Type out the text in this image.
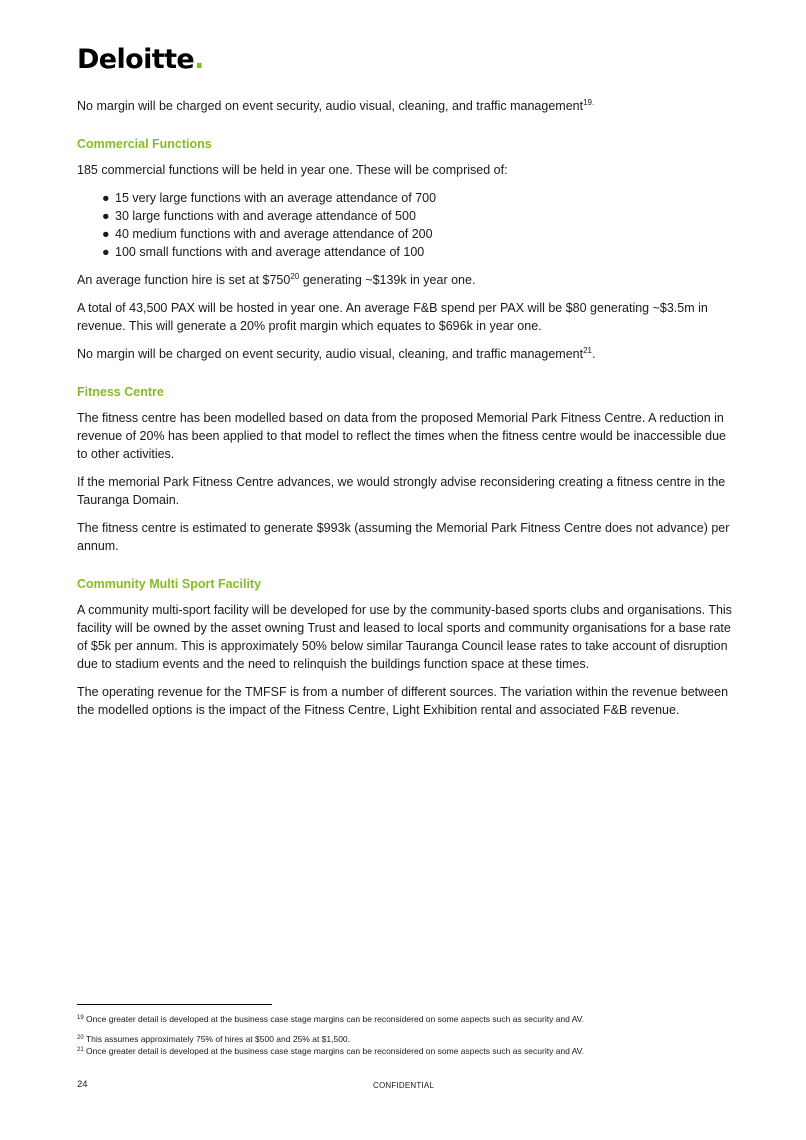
Deloitte.

No margin will be charged on event security, audio visual, cleaning, and traffic management$^{19.}$

Commercial Functions

185 commercial functions will be held in year one. These will be comprised of:

● 15 very large functions with an average attendance of 700
● 30 large functions with and average attendance of 500
● 40 medium functions with and average attendance of 200
● 100 small functions with and average attendance of 100

An average function hire is set at $\$750^{20}$ generating ~$139k in year one.

A total of 43,500 PAX will be hosted in year one. An average F&B spend per PAX will be $80 generating ~$3.5m in revenue. This will generate a 20% profit margin which equates to $696k in year one.

No margin will be charged on event security, audio visual, cleaning, and traffic management$^{21}$.

Fitness Centre

The fitness centre has been modelled based on data from the proposed Memorial Park Fitness Centre. A reduction in revenue of 20% has been applied to that model to reflect the times when the fitness centre would be inaccessible due to other activities.

If the memorial Park Fitness Centre advances, we would strongly advise reconsidering creating a fitness centre in the Tauranga Domain.

The fitness centre is estimated to generate $993k (assuming the Memorial Park Fitness Centre does not advance) per annum.

Community Multi Sport Facility

A community multi-sport facility will be developed for use by the community-based sports clubs and organisations. This facility will be owned by the asset owning Trust and leased to local sports and community organisations for a base rate of $5k per annum. This is approximately 50% below similar Tauranga Council lease rates to take account of disruption due to stadium events and the need to relinquish the buildings function space at these times.

The operating revenue for the TMFSF is from a number of different sources. The variation within the revenue between the modelled options is the impact of the Fitness Centre, Light Exhibition rental and associated F&B revenue.

$^{19}$ Once greater detail is developed at the business case stage margins can be reconsidered on some aspects such as security and AV.

$^{20}$ This assumes approximately 75% of hires at $500 and 25% at $1,500.

$^{21}$ Once greater detail is developed at the business case stage margins can be reconsidered on some aspects such as security and AV.

24	CONFIDENTIAL
